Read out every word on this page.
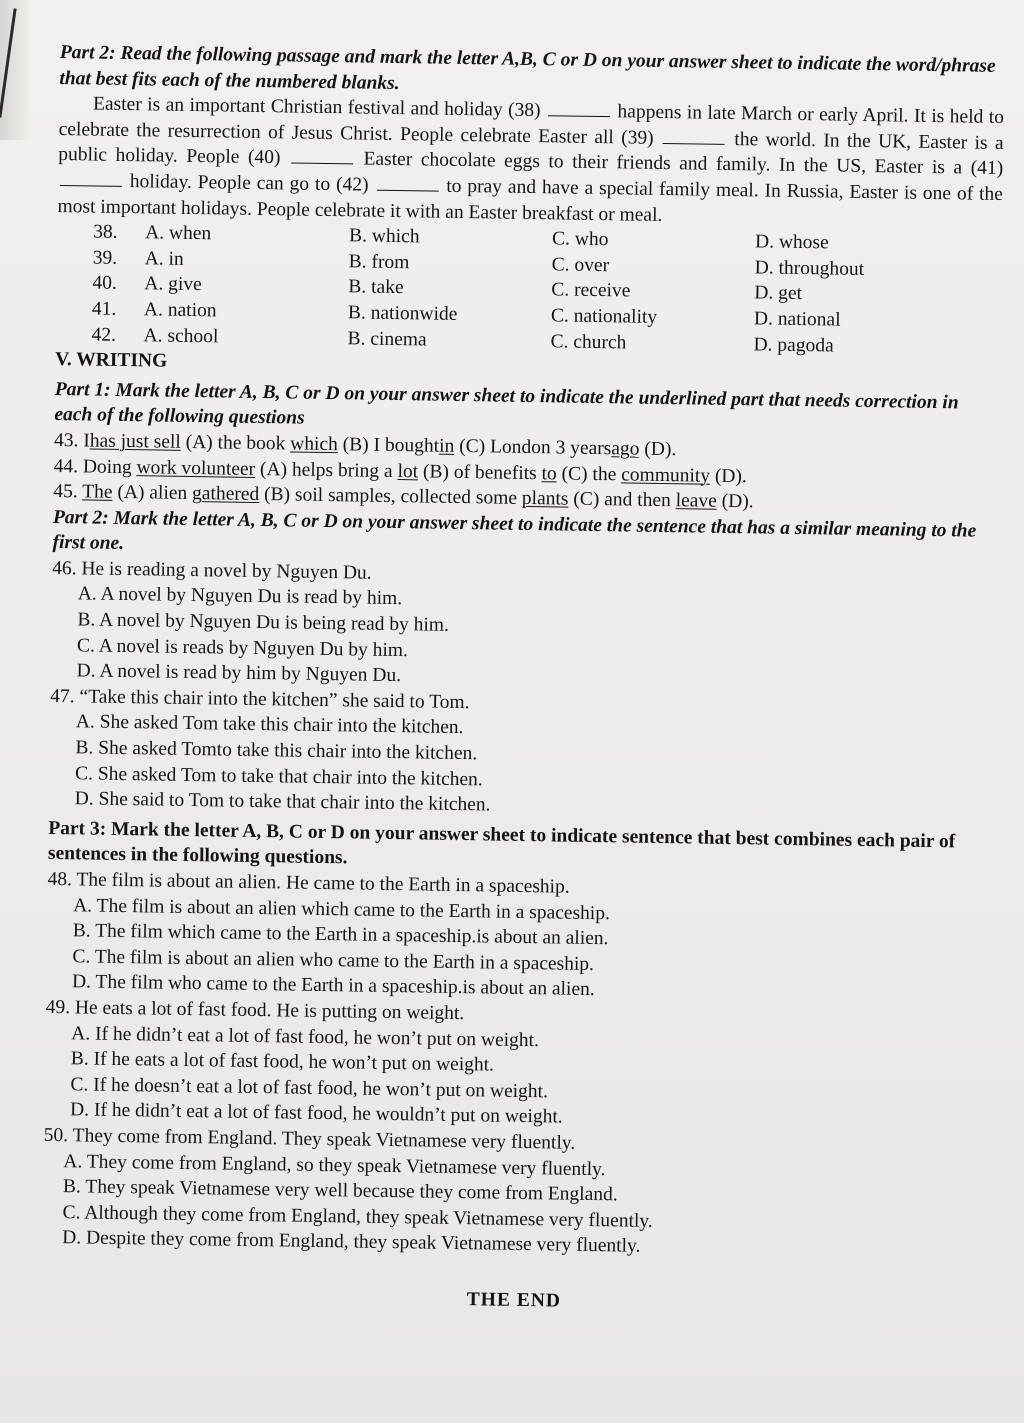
Part 2: Read the following passage and mark the letter A,B, C or D on your answer sheet to indicate the word/phrase that best fits each of the numbered blanks.
Easter is an important Christian festival and holiday (38)	happens in late March or early April. It is held to celebrate the resurrection of Jesus Christ. People celebrate Easter all (39)	the world. In the UK, Easter is a public holiday. People (40)	Easter chocolate eggs to their friends and family. In the US, Easter is a (41)  holiday. People can go to (42)	to pray and have a special family meal. In Russia, Easter is one of the most important holidays. People celebrate it with an Easter breakfast or meal.
38. A. when	B. which	C. who	D. whose
39. A. in	B. from	C. over	D. throughout
40. A. give	B. take	C. receive	D. get
41. A. nation	B. nationwide	C. nationality	D. national
42. A. school	B. cinema	C. church	D. pagoda
V. WRITING
Part 1: Mark the letter A, B, C or D on your answer sheet to indicate the underlined part that needs correction in each of the following questions
43. Ihas just sell (A) the book which (B) I boughtin (C) London 3 yearsago (D).
44. Doing work volunteer (A) helps bring a lot (B) of benefits to (C) the community (D).
45. The (A) alien gathered (B) soil samples, collected some plants (C) and then leave (D).
Part 2: Mark the letter A, B, C or D on your answer sheet to indicate the sentence that has a similar meaning to the first one.
46. He is reading a novel by Nguyen Du.
A. A novel by Nguyen Du is read by him.
B. A novel by Nguyen Du is being read by him.
C. A novel is reads by Nguyen Du by him.
D. A novel is read by him by Nguyen Du.
47. “Take this chair into the kitchen” she said to Tom.
A. She asked Tom take this chair into the kitchen.
B. She asked Tomto take this chair into the kitchen.
C. She asked Tom to take that chair into the kitchen.
D. She said to Tom to take that chair into the kitchen.
Part 3: Mark the letter A, B, C or D on your answer sheet to indicate sentence that best combines each pair of sentences in the following questions.
48. The film is about an alien. He came to the Earth in a spaceship.
A. The film is about an alien which came to the Earth in a spaceship.
B. The film which came to the Earth in a spaceship.is about an alien.
C. The film is about an alien who came to the Earth in a spaceship.
D. The film who came to the Earth in a spaceship.is about an alien.
49. He eats a lot of fast food. He is putting on weight.
A. If he didn’t eat a lot of fast food, he won’t put on weight.
B. If he eats a lot of fast food, he won’t put on weight.
C. If he doesn’t eat a lot of fast food, he won’t put on weight.
D. If he didn’t eat a lot of fast food, he wouldn’t put on weight.
50. They come from England. They speak Vietnamese very fluently.
A. They come from England, so they speak Vietnamese very fluently.
B. They speak Vietnamese very well because they come from England.
C. Although they come from England, they speak Vietnamese very fluently.
D. Despite they come from England, they speak Vietnamese very fluently.
THE END
